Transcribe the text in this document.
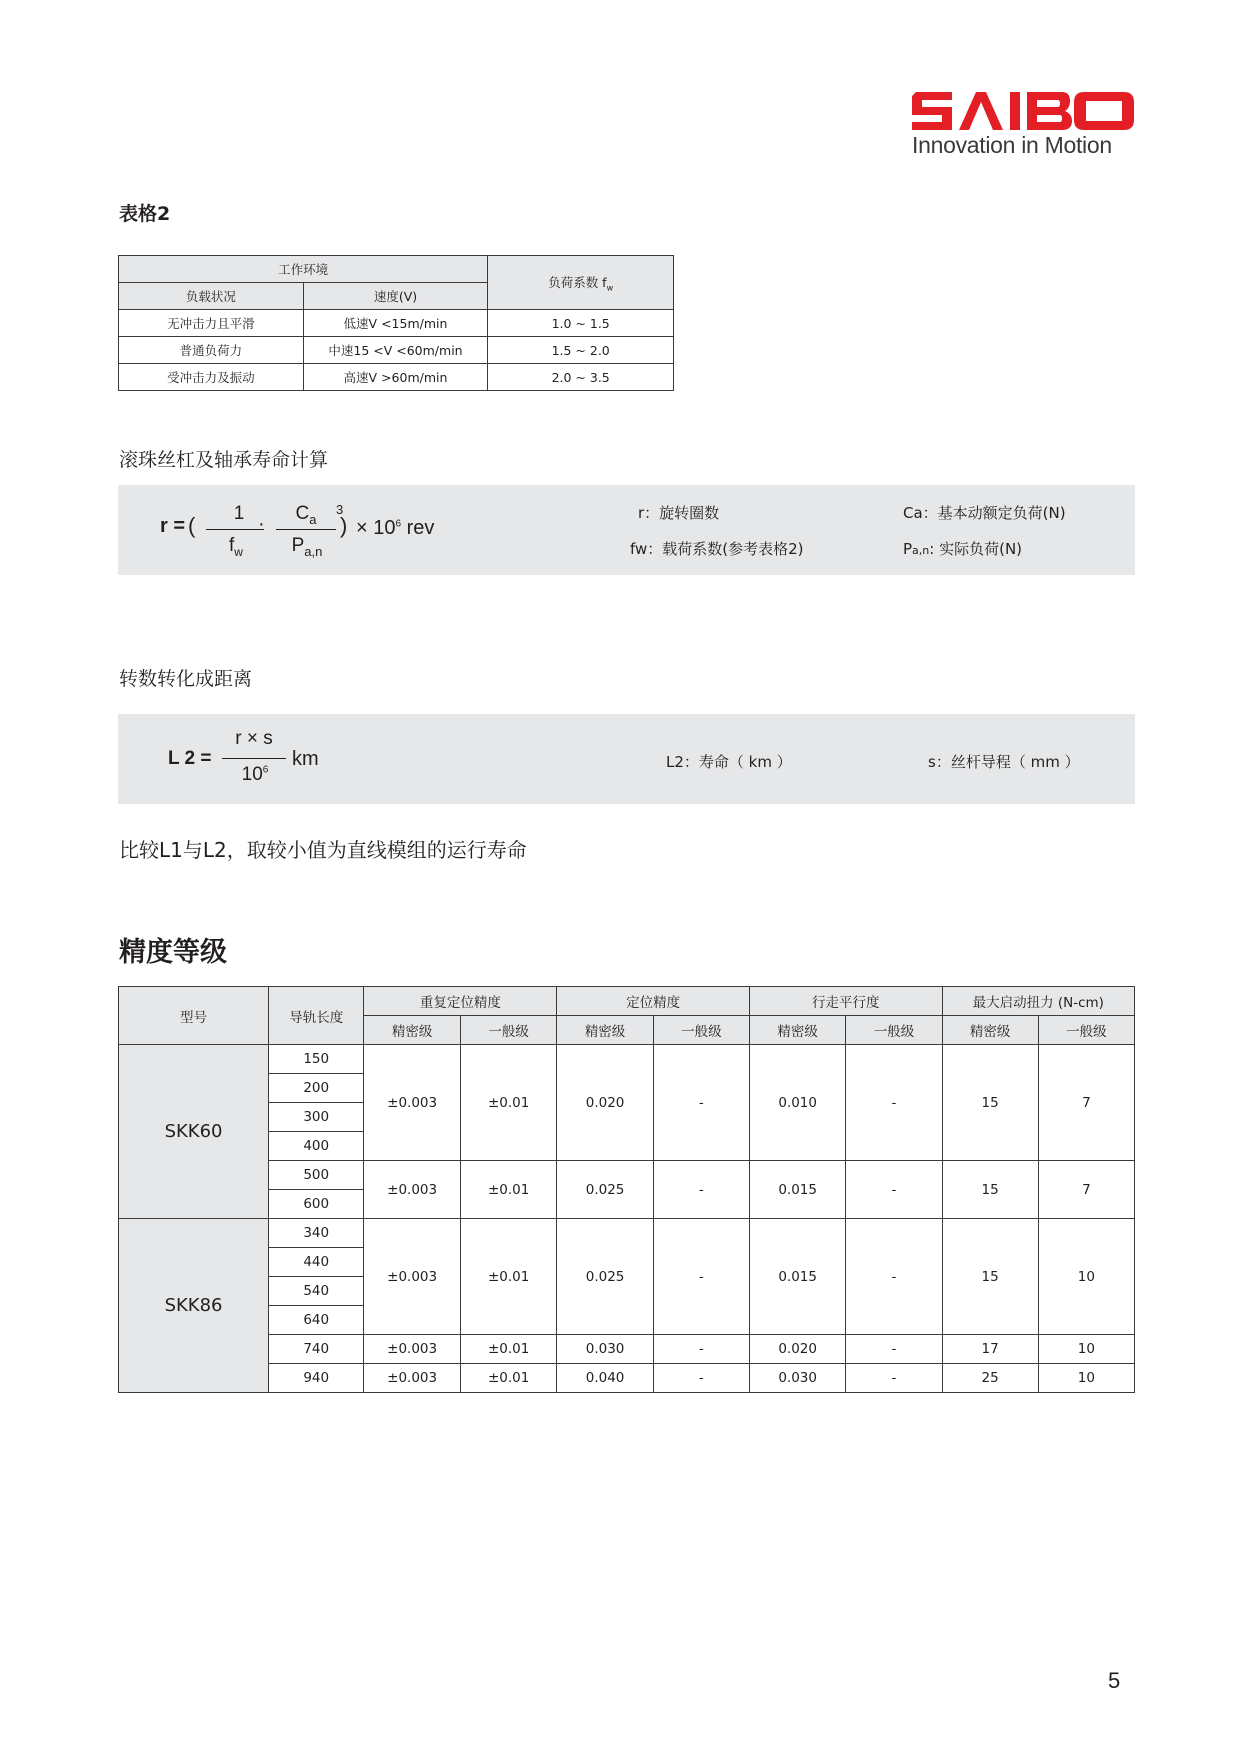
Innovation in Motion
表格2
工作环境		负荷系数 $f_w$
负载状况	速度(V)	
无冲击力且平滑	低速V <15m/min	1.0 ~ 1.5
普通负荷力	中速15 <V <60m/min	1.5 ~ 2.0
受冲击力及振动	高速V >60m/min	2.0 ~ 3.5
滚珠丝杠及轴承寿命计算
r = (	1
$f_w$
·	$C_a$
$P_{a,n}$
)
3
× $10^6$ rev
r：旋转圈数
fw：载荷系数(参考表格2)
Ca：基本动额定负荷(N)
Pa,n: 实际负荷(N)
转数转化成距离
L 2 =
r × s
$10^6$
km	L2：寿命（ km ）	s：丝杆导程（ mm ）
比较L1与L2，取较小值为直线模组的运行寿命
精度等级
型号	导轨长度	重复定位精度		定位精度		行走平行度		最大启动扭力 (N-cm)	
		精密级	一般级	精密级	一般级	精密级	一般级	精密级	一般级
SKK60	150	±0.003	±0.01	0.020	-	0.010	-	15	7
	200								
	300								
	400								
	500	±0.003	±0.01	0.025	-	0.015	-	15	7
	600								
SKK86	340	±0.003	±0.01	0.025	-	0.015	-	15	10
	440								
	540								
	640								
	740	±0.003	±0.01	0.030	-	0.020	-	17	10
	940	±0.003	±0.01	0.040	-	0.030	-	25	10
5
